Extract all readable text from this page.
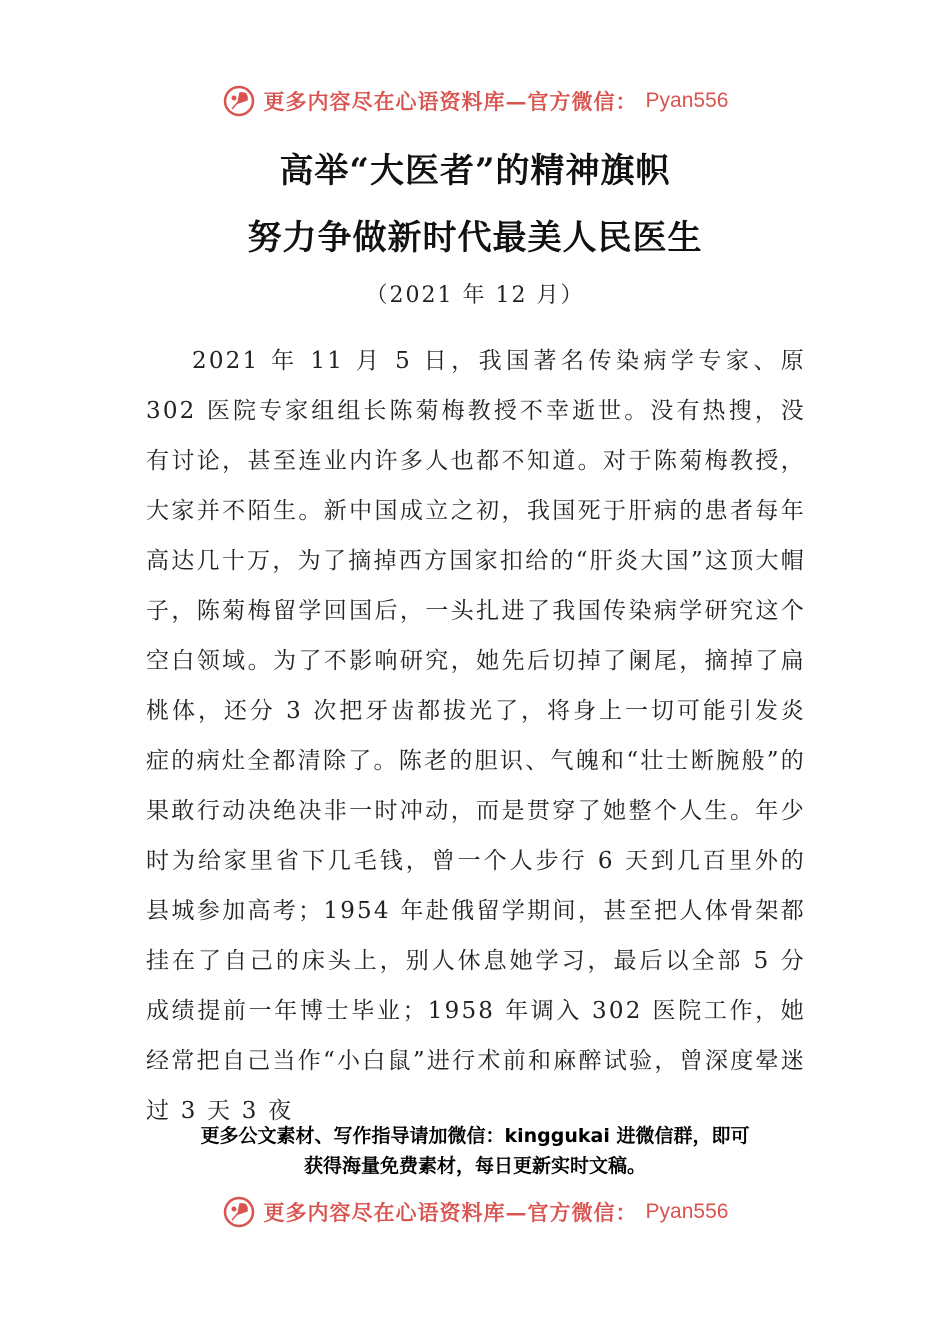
更多内容尽在心语资料库—官方微信： Pyan556
高举“大医者”的精神旗帜
努力争做新时代最美人民医生
（2021 年 12 月）

2021 年 11 月 5 日，我国著名传染病学专家、原 302 医院专家组组长陈菊梅教授不幸逝世。没有热搜，没有讨论，甚至连业内许多人也都不知道。对于陈菊梅教授，大家并不陌生。新中国成立之初，我国死于肝病的患者每年高达几十万，为了摘掉西方国家扣给的“肝炎大国”这顶大帽子，陈菊梅留学回国后，一头扎进了我国传染病学研究这个空白领域。为了不影响研究，她先后切掉了阑尾，摘掉了扁桃体，还分 3 次把牙齿都拔光了，将身上一切可能引发炎症的病灶全都清除了。陈老的胆识、气魄和“壮士断腕般”的果敢行动决绝决非一时冲动，而是贯穿了她整个人生。年少时为给家里省下几毛钱，曾一个人步行 6 天到几百里外的县城参加高考；1954 年赴俄留学期间，甚至把人体骨架都挂在了自己的床头上，别人休息她学习，最后以全部 5 分成绩提前一年博士毕业；1958 年调入 302 医院工作，她经常把自己当作“小白鼠”进行术前和麻醉试验，曾深度晕迷过 3 天 3 夜

更多公文素材、写作指导请加微信：kinggukai 进微信群，即可
获得海量免费素材，每日更新实时文稿。
更多内容尽在心语资料库—官方微信： Pyan556
